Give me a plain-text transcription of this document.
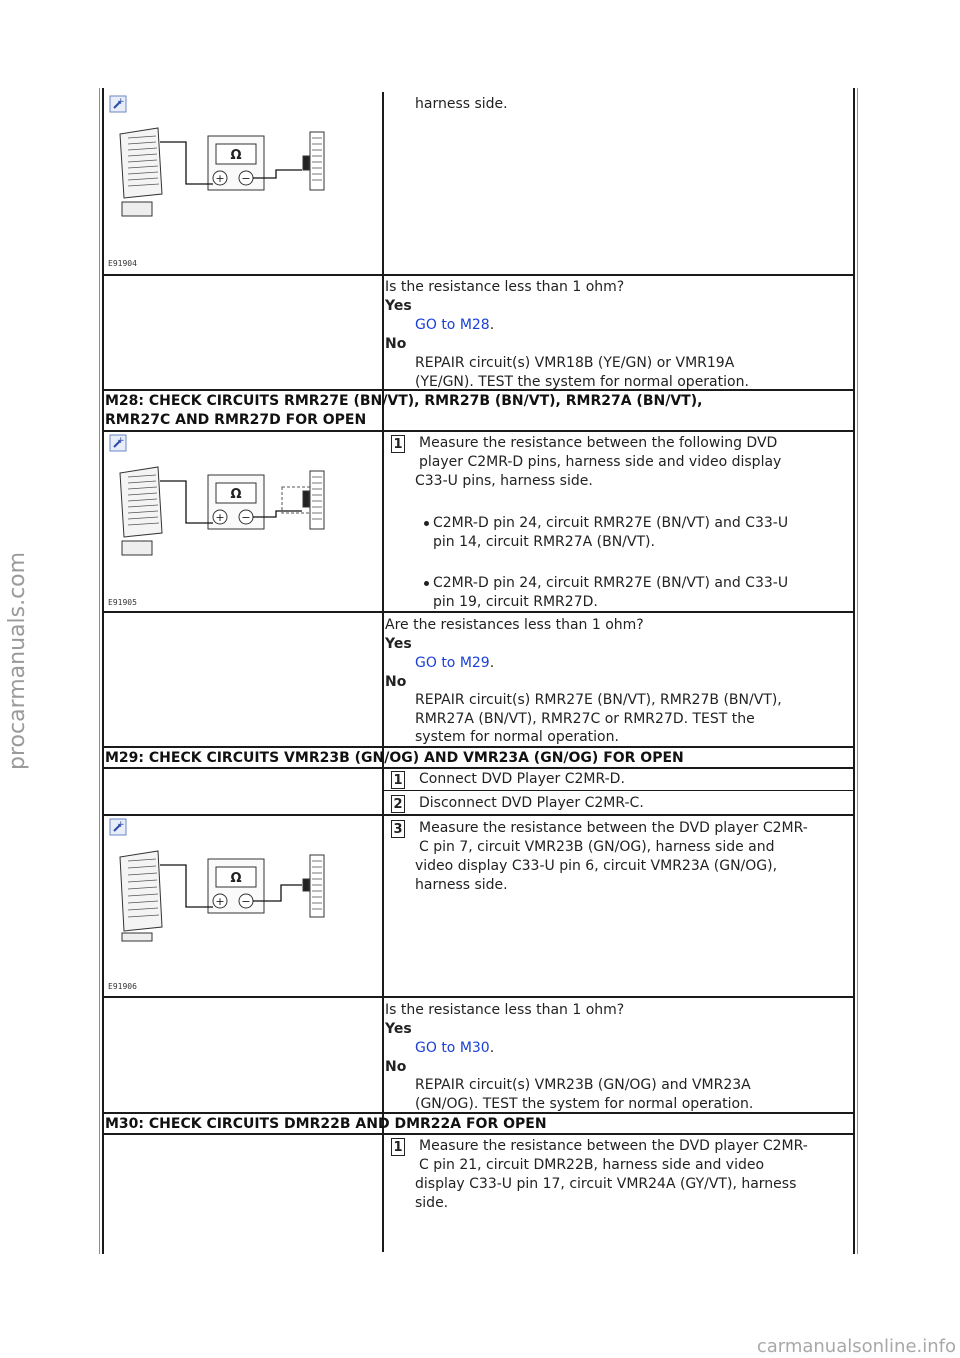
+
Ω
+ −
E91904
harness side.
Is the resistance less than 1 ohm?
Yes
GO to M28.
No
REPAIR circuit(s) VMR18B (YE/GN) or VMR19A
(YE/GN). TEST the system for normal operation.
M28: CHECK CIRCUITS RMR27E (BN/VT), RMR27B (BN/VT), RMR27A (BN/VT),
RMR27C AND RMR27D FOR OPEN
+
Ω
+ −
E91905
1 Measure the resistance between the following DVD
player C2MR-D pins, harness side and video display
C33-U pins, harness side.
C2MR-D pin 24, circuit RMR27E (BN/VT) and C33-U
pin 14, circuit RMR27A (BN/VT).
C2MR-D pin 24, circuit RMR27E (BN/VT) and C33-U
pin 19, circuit RMR27D.
Are the resistances less than 1 ohm?
Yes
GO to M29.
No
REPAIR circuit(s) RMR27E (BN/VT), RMR27B (BN/VT),
RMR27A (BN/VT), RMR27C or RMR27D. TEST the
system for normal operation.
M29: CHECK CIRCUITS VMR23B (GN/OG) AND VMR23A (GN/OG) FOR OPEN
1 Connect DVD Player C2MR-D.
2 Disconnect DVD Player C2MR-C.
+
Ω
+ −
E91906
3 Measure the resistance between the DVD player C2MR-
C pin 7, circuit VMR23B (GN/OG), harness side and
video display C33-U pin 6, circuit VMR23A (GN/OG),
harness side.
Is the resistance less than 1 ohm?
Yes
GO to M30.
No
REPAIR circuit(s) VMR23B (GN/OG) and VMR23A
(GN/OG). TEST the system for normal operation.
M30: CHECK CIRCUITS DMR22B AND DMR22A FOR OPEN
1 Measure the resistance between the DVD player C2MR-
C pin 21, circuit DMR22B, harness side and video
display C33-U pin 17, circuit VMR24A (GY/VT), harness
side.
procarmanuals.com
carmanualsonline.info
